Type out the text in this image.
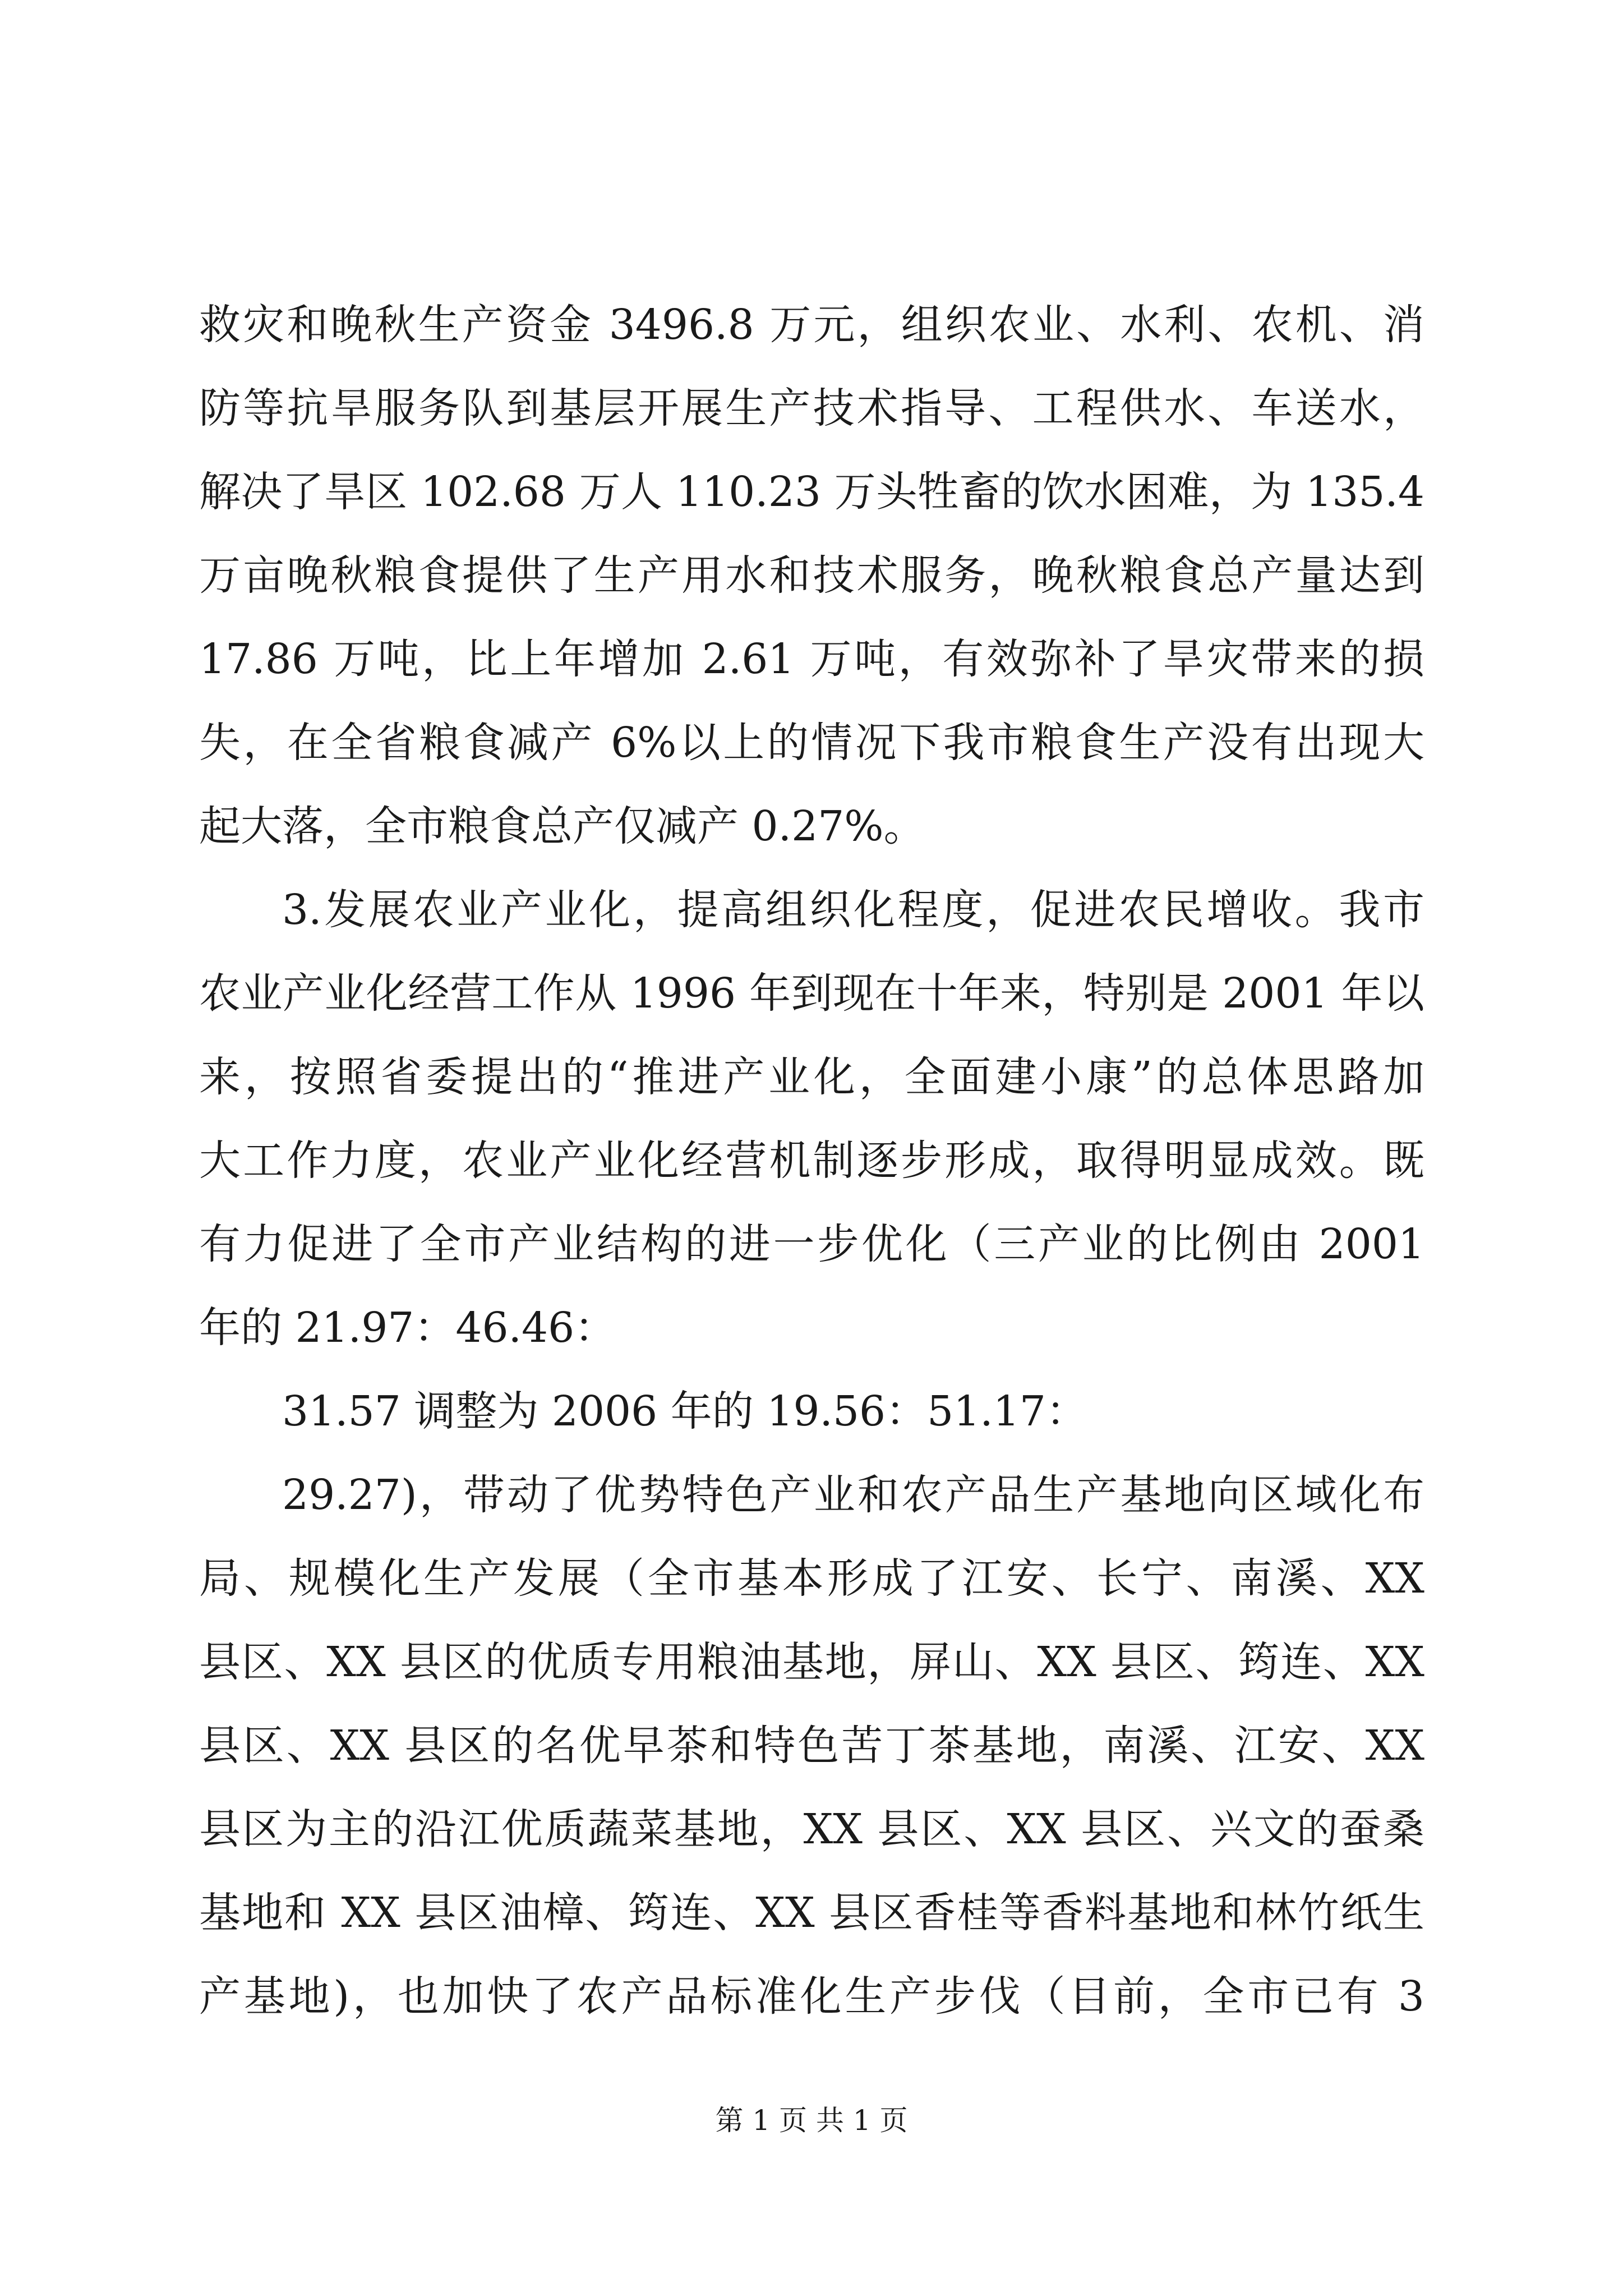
救灾和晚秋生产资金 3496.8 万元，组织农业、水利、农机、消
防等抗旱服务队到基层开展生产技术指导、工程供水、车送水，
解决了旱区 102.68 万人 110.23 万头牲畜的饮水困难，为 135.4
万亩晚秋粮食提供了生产用水和技术服务，晚秋粮食总产量达到
17.86 万吨，比上年增加 2.61 万吨，有效弥补了旱灾带来的损
失，在全省粮食减产 6%以上的情况下我市粮食生产没有出现大
起大落，全市粮食总产仅减产 0.27%。
3.发展农业产业化，提高组织化程度，促进农民增收。我市
农业产业化经营工作从 1996 年到现在十年来，特别是 2001 年以
来，按照省委提出的“推进产业化，全面建小康”的总体思路加
大工作力度，农业产业化经营机制逐步形成，取得明显成效。既
有力促进了全市产业结构的进一步优化（三产业的比例由 2001
年的 21.97：46.46：
31.57 调整为 2006 年的 19.56：51.17：
29.27)，带动了优势特色产业和农产品生产基地向区域化布
局、规模化生产发展（全市基本形成了江安、长宁、南溪、XX
县区、XX 县区的优质专用粮油基地，屏山、XX 县区、筠连、XX
县区、XX 县区的名优早茶和特色苦丁茶基地，南溪、江安、XX
县区为主的沿江优质蔬菜基地，XX 县区、XX 县区、兴文的蚕桑
基地和 XX 县区油樟、筠连、XX 县区香桂等香料基地和林竹纸生
产基地)，也加快了农产品标准化生产步伐（目前，全市已有 3
第 1 页 共 1 页
